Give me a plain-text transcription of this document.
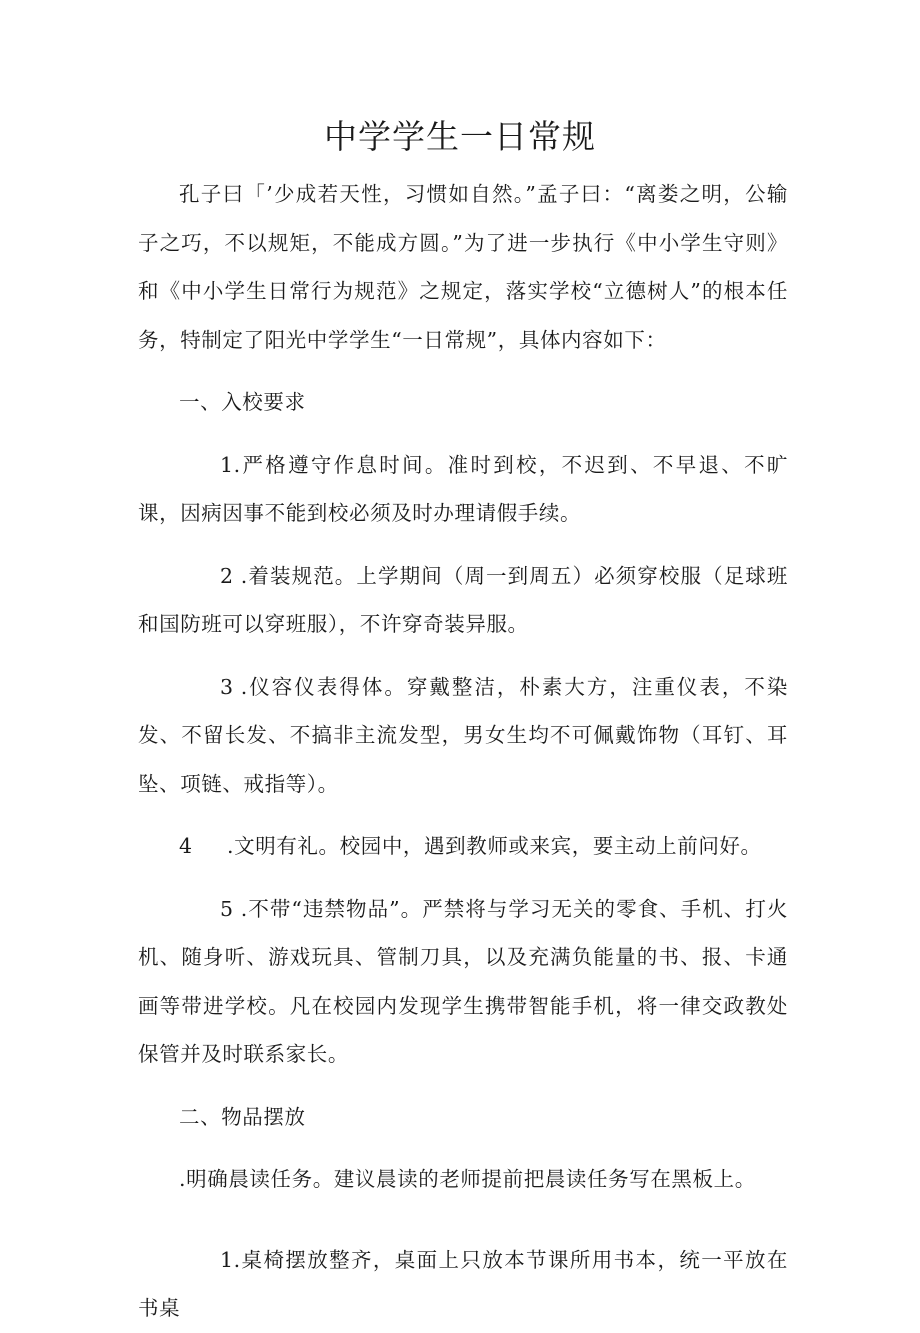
中学学生一日常规

孔子曰「’少成若天性，习惯如自然。”孟子曰：“离娄之明，公输子之巧，不以规矩，不能成方圆。”为了进一步执行《中小学生守则》和《中小学生日常行为规范》之规定，落实学校“立德树人”的根本任务，特制定了阳光中学学生“一日常规”，具体内容如下：

一、入校要求

1.严格遵守作息时间。准时到校，不迟到、不早退、不旷课，因病因事不能到校必须及时办理请假手续。

2 .着装规范。上学期间（周一到周五）必须穿校服（足球班和国防班可以穿班服），不许穿奇装异服。

3 .仪容仪表得体。穿戴整洁，朴素大方，注重仪表，不染发、不留长发、不搞非主流发型，男女生均不可佩戴饰物（耳钉、耳坠、项链、戒指等）。

4 .文明有礼。校园中，遇到教师或来宾，要主动上前问好。

5 .不带“违禁物品”。严禁将与学习无关的零食、手机、打火机、随身听、游戏玩具、管制刀具，以及充满负能量的书、报、卡通画等带进学校。凡在校园内发现学生携带智能手机，将一律交政教处保管并及时联系家长。

二、物品摆放

.明确晨读任务。建议晨读的老师提前把晨读任务写在黑板上。

1.桌椅摆放整齐，桌面上只放本节课所用书本，统一平放在书桌
